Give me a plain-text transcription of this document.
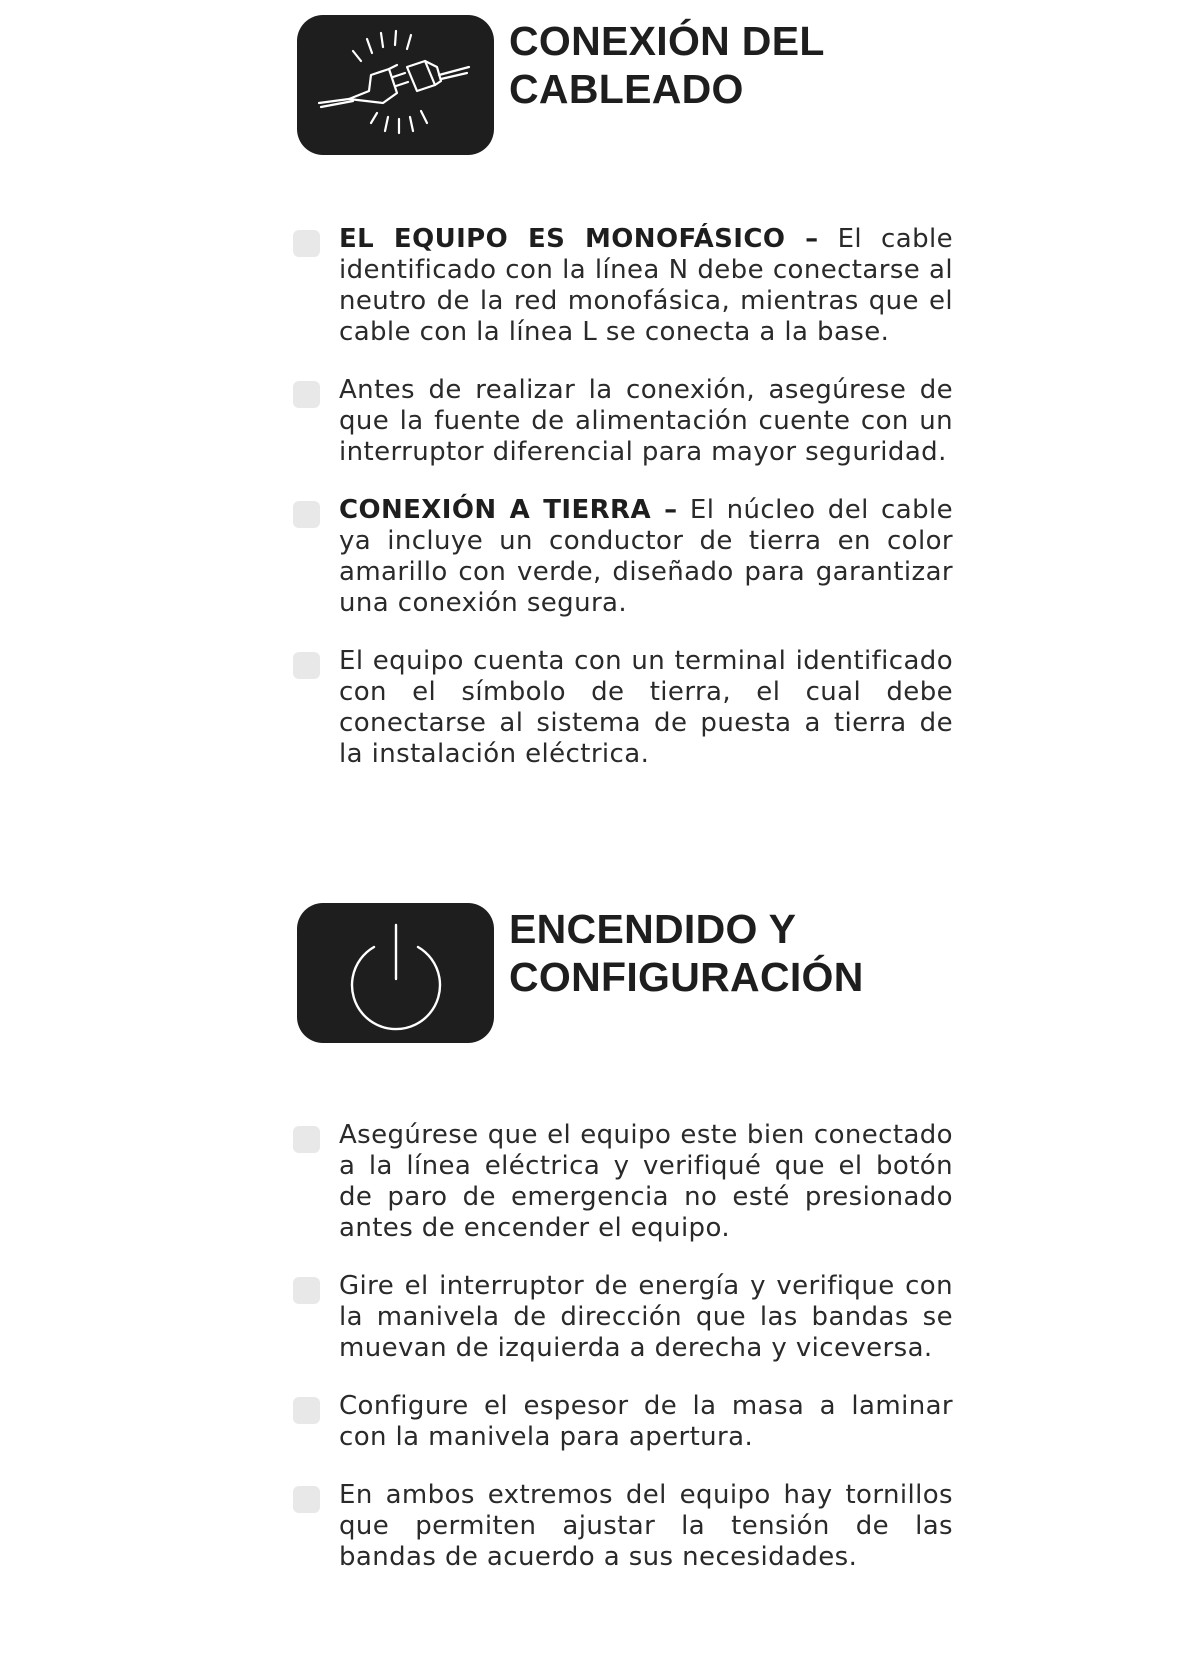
CONEXIÓN DEL
CABLEADO
EL EQUIPO ES MONOFÁSICO – El cable identificado con la línea N debe conectarse al neutro de la red monofásica, mientras que el cable con la línea L se conecta a la base.
Antes de realizar la conexión, asegúrese de que la fuente de alimentación cuente con un interruptor diferencial para mayor seguridad.
CONEXIÓN A TIERRA – El núcleo del cable ya incluye un conductor de tierra en color amarillo con verde, diseñado para garantizar una conexión segura.
El equipo cuenta con un terminal identificado con el símbolo de tierra, el cual debe conectarse al sistema de puesta a tierra de la instalación eléctrica.
ENCENDIDO Y
CONFIGURACIÓN
Asegúrese que el equipo este bien conectado a la línea eléctrica y verifiqué que el botón de paro de emergencia no esté presionado antes de encender el equipo.
Gire el interruptor de energía y verifique con la manivela de dirección que las bandas se muevan de izquierda a derecha y viceversa.
Configure el espesor de la masa a laminar con la manivela para apertura.
En ambos extremos del equipo hay tornillos que permiten ajustar la tensión de las bandas de acuerdo a sus necesidades.
